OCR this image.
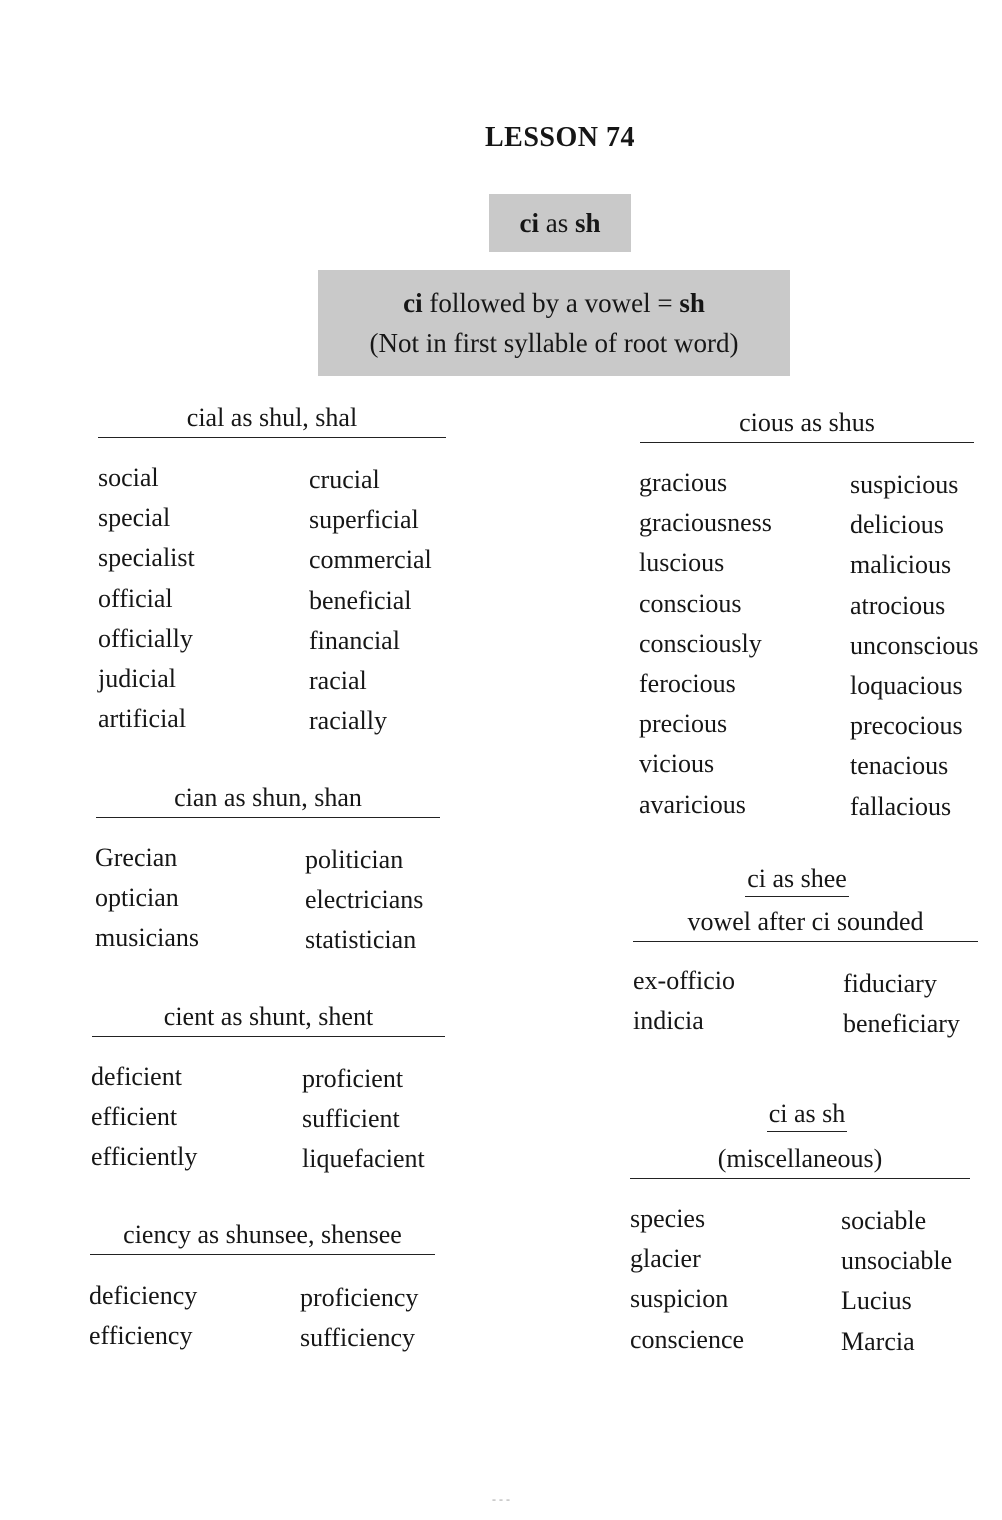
LESSON 74
ci as sh
ci followed by a vowel = sh
(Not in first syllable of root word)
cial as shul, shal
social
special
specialist
official
officially
judicial
artificial
crucial
superficial
commercial
beneficial
financial
racial
racially
cian as shun, shan
Grecian
optician
musicians
politician
electricians
statistician
cient as shunt, shent
deficient
efficient
efficiently
proficient
sufficient
liquefacient
ciency as shunsee, shensee
deficiency
efficiency
proficiency
sufficiency
cious as shus
gracious
graciousness
luscious
conscious
consciously
ferocious
precious
vicious
avaricious
suspicious
delicious
malicious
atrocious
unconscious
loquacious
precocious
tenacious
fallacious
ci as shee
vowel after ci sounded
ex-officio
indicia
fiduciary
beneficiary
ci as sh
(miscellaneous)
species
glacier
suspicion
conscience
sociable
unsociable
Lucius
Marcia
- - -
